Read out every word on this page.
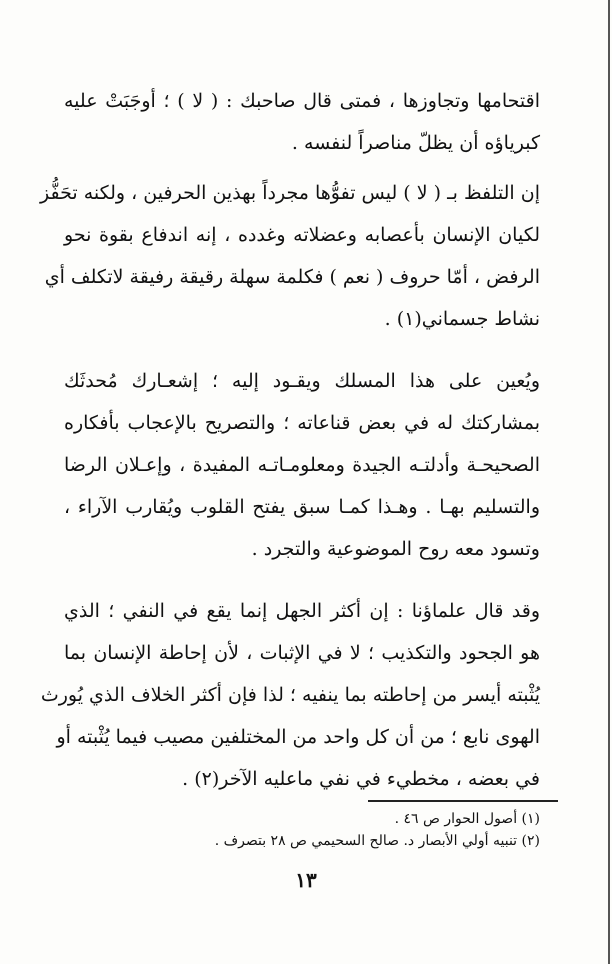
اقتحامها وتجاوزها ، فمتى قال صاحبك : ( لا ) ؛ أوجَبَتْ عليه
كبرياؤه أن يظلّ مناصراً لنفسه .
إن التلفظ بـ ( لا ) ليس تفوُّها مجرداً بهذين الحرفين ، ولكنه تحَفُّز
لكيان الإنسان بأعصابه وعضلاته وغدده ، إنه اندفاع بقوة نحو
الرفض ، أمّا حروف ( نعم ) فكلمة سهلة رقيقة رفيقة لاتكلف أي
نشاط جسماني(١) .
ويُعين على هذا المسلك ويقـود إليه ؛ إشعـارك مُحدثَك
بمشاركتك له في بعض قناعاته ؛ والتصريح بالإعجاب بأفكاره
الصحيحـة وأدلتـه الجيدة ومعلومـاتـه المفيدة ، وإعـلان الرضا
والتسليم بهـا . وهـذا كمـا سبق يفتح القلوب ويُقارب الآراء ،
وتسود معه روح الموضوعية والتجرد .
وقد قال علماؤنا : إن أكثر الجهل إنما يقع في النفي ؛ الذي
هو الجحود والتكذيب ؛ لا في الإثبات ، لأن إحاطة الإنسان بما
يُثْبته أيسر من إحاطته بما ينفيه ؛ لذا فإن أكثر الخلاف الذي يُورث
الهوى نابع ؛ من أن كل واحد من المختلفين مصيب فيما يُثْبته أو
في بعضه ، مخطيء في نفي ماعليه الآخر(٢) .
(١) أصول الحوار ص ٤٦ .
(٢) تنبيه أولي الأبصار د. صالح السحيمي ص ٢٨ بتصرف .
١٣
